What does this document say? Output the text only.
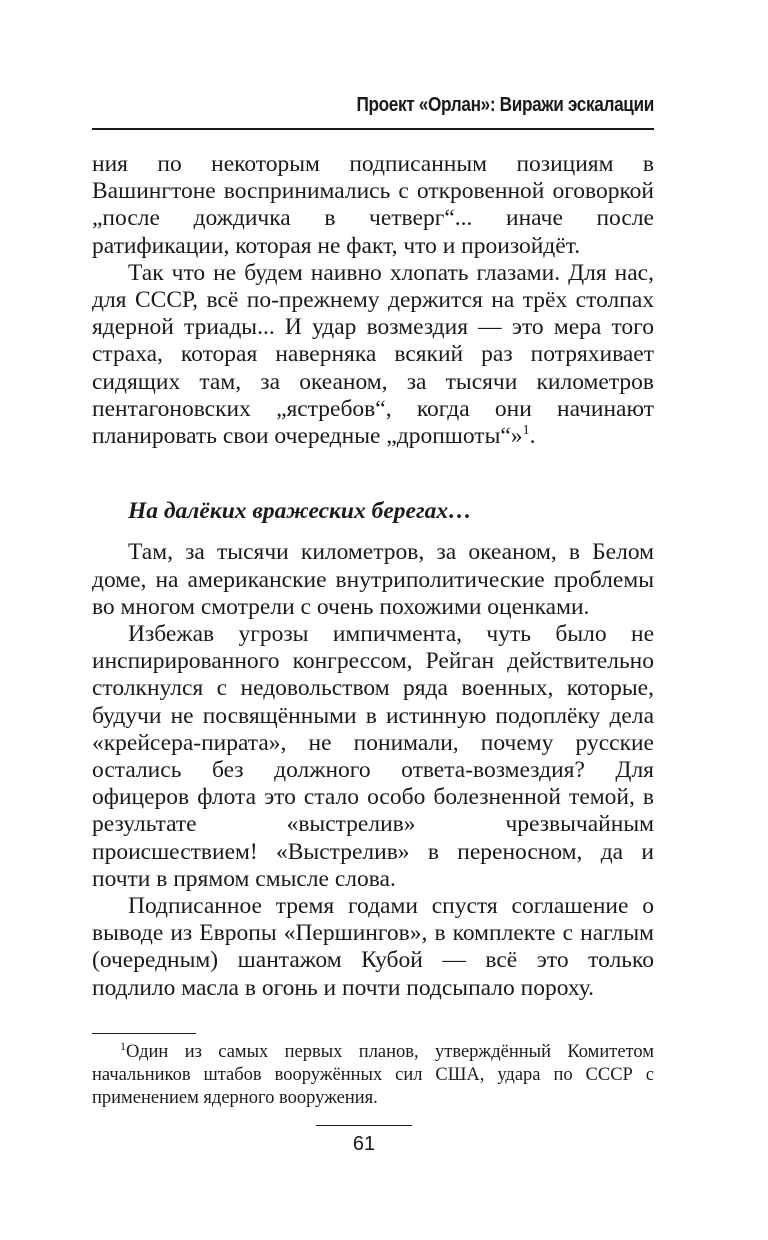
Проект «Орлан»: Виражи эскалации

ния по некоторым подписанным позициям в Вашингтоне воспринимались с откровенной оговоркой „после дождичка в четверг“... иначе после ратификации, которая не факт, что и произойдёт.

Так что не будем наивно хлопать глазами. Для нас, для СССР, всё по-прежнему держится на трёх столпах ядерной триады... И удар возмездия — это мера того страха, которая наверняка всякий раз потряхивает сидящих там, за океаном, за тысячи километров пентагоновских „ястребов“, когда они начинают планировать свои очередные „дропшоты“»$^1$.

На далёких вражеских берегах…

Там, за тысячи километров, за океаном, в Белом доме, на американские внутриполитические проблемы во многом смотрели с очень похожими оценками.

Избежав угрозы импичмента, чуть было не инспирированного конгрессом, Рейган действительно столкнулся с недовольством ряда военных, которые, будучи не посвящёнными в истинную подоплёку дела «крейсера-пирата», не понимали, почему русские остались без должного ответа-возмездия? Для офицеров флота это стало особо болезненной темой, в результате «выстрелив» чрезвычайным происшествием! «Выстрелив» в переносном, да и почти в прямом смысле слова.

Подписанное тремя годами спустя соглашение о выводе из Европы «Першингов», в комплекте с наглым (очередным) шантажом Кубой — всё это только подлило масла в огонь и почти подсыпало пороху.

$^1$Один из самых первых планов, утверждённый Комитетом начальников штабов вооружённых сил США, удара по СССР с применением ядерного вооружения.
61
